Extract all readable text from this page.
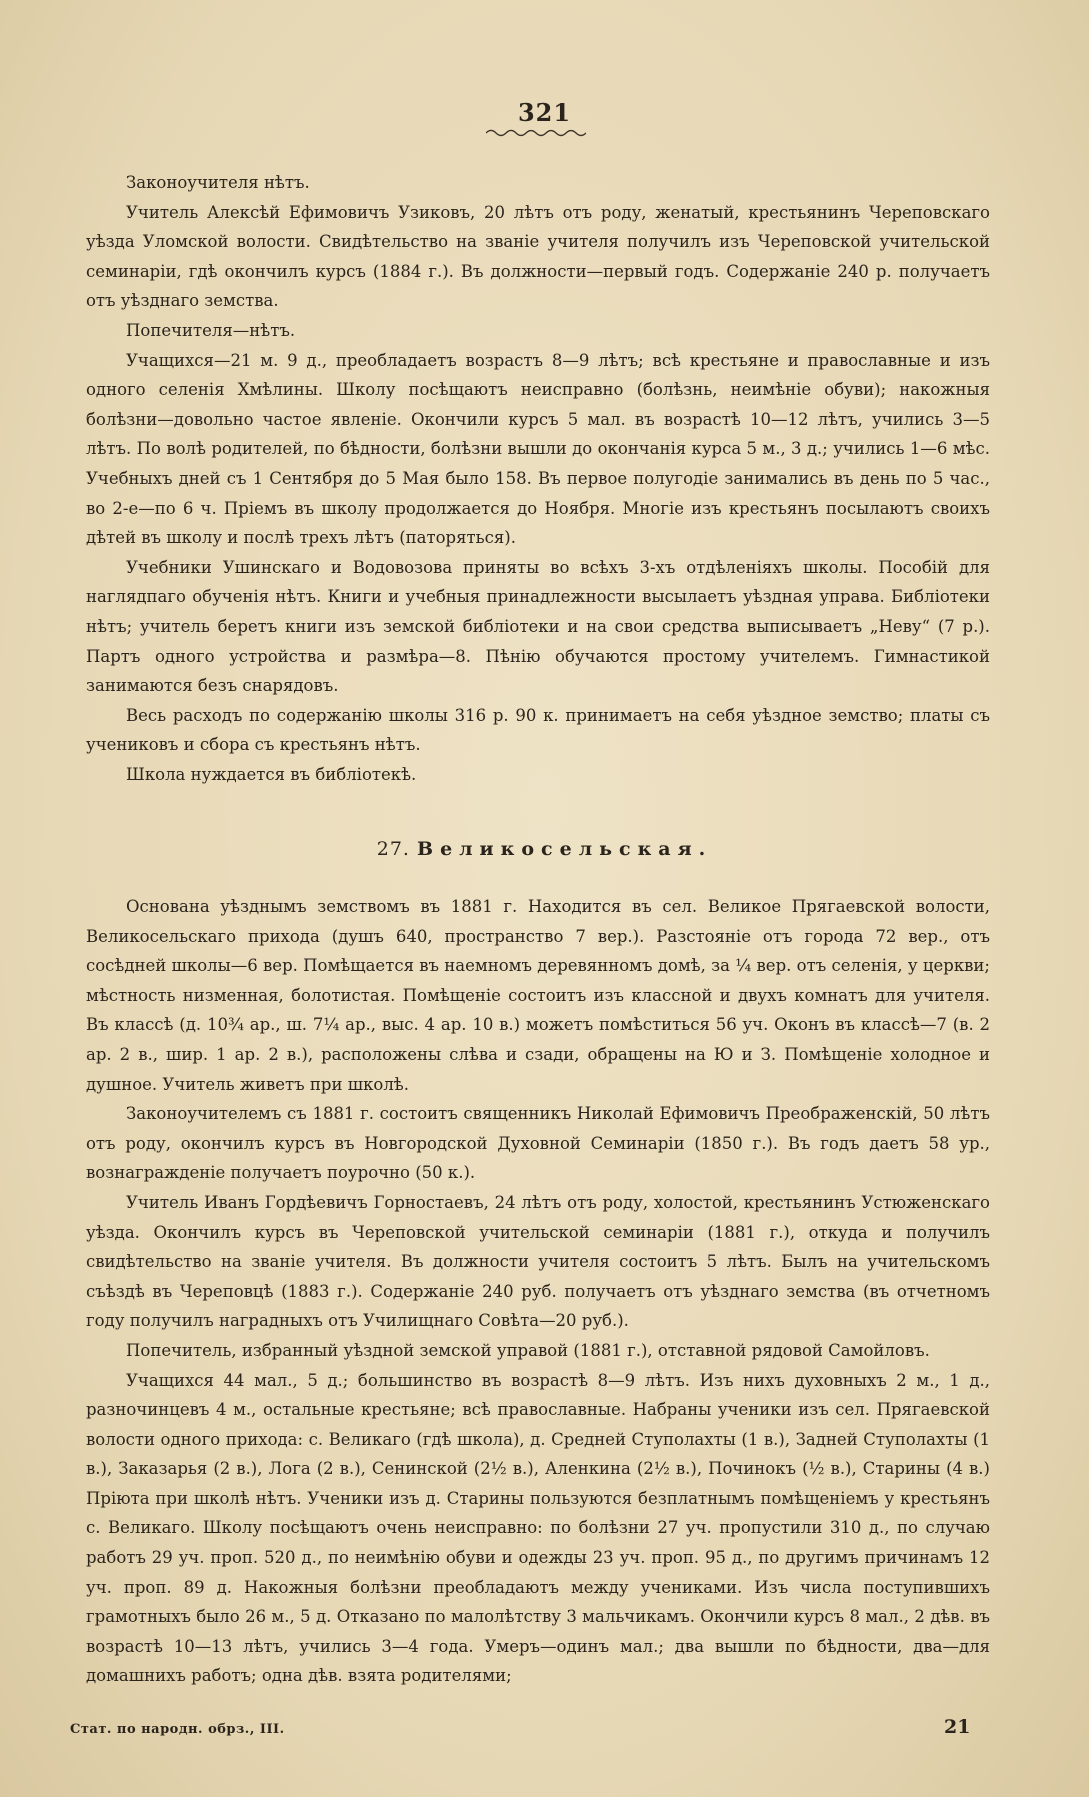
321

Законоучителя нѣтъ.

Учитель Алексѣй Ефимовичъ Узиковъ, 20 лѣтъ отъ роду, женатый, крестьянинъ Череповскаго уѣзда Уломской волости. Свидѣтельство на званіе учителя получилъ изъ Череповской учительской семинаріи, гдѣ окончилъ курсъ (1884 г.). Въ должности—первый годъ. Содержаніе 240 р. получаетъ отъ уѣзднаго земства.

Попечителя—нѣтъ.

Учащихся—21 м. 9 д., преобладаетъ возрастъ 8—9 лѣтъ; всѣ крестьяне и православные и изъ одного селенія Хмѣлины. Школу посѣщаютъ неисправно (болѣзнь, неимѣніе обуви); накожныя болѣзни—довольно частое явленіе. Окончили курсъ 5 мал. въ возрастѣ 10—12 лѣтъ, учились 3—5 лѣтъ. По волѣ родителей, по бѣдности, болѣзни вышли до окончанія курса 5 м., 3 д.; учились 1—6 мѣс. Учебныхъ дней съ 1 Сентября до 5 Мая было 158. Въ первое полугодіе занимались въ день по 5 час., во 2-е—по 6 ч. Пріемъ въ школу продолжается до Ноября. Многіе изъ крестьянъ посылаютъ своихъ дѣтей въ школу и послѣ трехъ лѣтъ (паторяться).

Учебники Ушинскаго и Водовозова приняты во всѣхъ 3-хъ отдѣленіяхъ школы. Пособій для наглядпаго обученія нѣтъ. Книги и учебныя принадлежности высылаетъ уѣздная управа. Библіотеки нѣтъ; учитель беретъ книги изъ земской библіотеки и на свои средства выписываетъ „Неву“ (7 р.). Партъ одного устройства и размѣра—8. Пѣнію обучаются простому учителемъ. Гимнастикой занимаются безъ снарядовъ.

Весь расходъ по содержанію школы 316 р. 90 к. принимаетъ на себя уѣздное земство; платы съ учениковъ и сбора съ крестьянъ нѣтъ.

Школа нуждается въ библіотекѣ.

27. Великосельская.

Основана уѣзднымъ земствомъ въ 1881 г. Находится въ сел. Великое Прягаевской волости, Великосельскаго прихода (душъ 640, пространство 7 вер.). Разстояніе отъ города 72 вер., отъ сосѣдней школы—6 вер. Помѣщается въ наемномъ деревянномъ домѣ, за ¼ вер. отъ селенія, у церкви; мѣстность низменная, болотистая. Помѣщеніе состоитъ изъ классной и двухъ комнатъ для учителя. Въ классѣ (д. 10¾ ар., ш. 7¼ ар., выс. 4 ар. 10 в.) можетъ помѣститься 56 уч. Оконъ въ классѣ—7 (в. 2 ар. 2 в., шир. 1 ар. 2 в.), расположены слѣва и сзади, обращены на Ю и З. Помѣщеніе холодное и душное. Учитель живетъ при школѣ.

Законоучителемъ съ 1881 г. состоитъ священникъ Николай Ефимовичъ Преображенскій, 50 лѣтъ отъ роду, окончилъ курсъ въ Новгородской Духовной Семинаріи (1850 г.). Въ годъ даетъ 58 ур., вознагражденіе получаетъ поурочно (50 к.).

Учитель Иванъ Гордѣевичъ Горностаевъ, 24 лѣтъ отъ роду, холостой, крестьянинъ Устюженскаго уѣзда. Окончилъ курсъ въ Череповской учительской семинаріи (1881 г.), откуда и получилъ свидѣтельство на званіе учителя. Въ должности учителя состоитъ 5 лѣтъ. Былъ на учительскомъ съѣздѣ въ Череповцѣ (1883 г.). Содержаніе 240 руб. получаетъ отъ уѣзднаго земства (въ отчетномъ году получилъ наградныхъ отъ Училищнаго Совѣта—20 руб.).

Попечитель, избранный уѣздной земской управой (1881 г.), отставной рядовой Самойловъ.

Учащихся 44 мал., 5 д.; большинство въ возрастѣ 8—9 лѣтъ. Изъ нихъ духовныхъ 2 м., 1 д., разночинцевъ 4 м., остальные крестьяне; всѣ православные. Набраны ученики изъ сел. Прягаевской волости одного прихода: с. Великаго (гдѣ школа), д. Средней Ступолахты (1 в.), Задней Ступолахты (1 в.), Заказарья (2 в.), Лога (2 в.), Сенинской (2½ в.), Аленкина (2½ в.), Починокъ (½ в.), Старины (4 в.) Пріюта при школѣ нѣтъ. Ученики изъ д. Старины пользуются безплатнымъ помѣщеніемъ у крестьянъ с. Великаго. Школу посѣщаютъ очень неисправно: по болѣзни 27 уч. пропустили 310 д., по случаю работъ 29 уч. проп. 520 д., по неимѣнію обуви и одежды 23 уч. проп. 95 д., по другимъ причинамъ 12 уч. проп. 89 д. Накожныя болѣзни преобладаютъ между учениками. Изъ числа поступившихъ грамотныхъ было 26 м., 5 д. Отказано по малолѣтству 3 мальчикамъ. Окончили курсъ 8 мал., 2 дѣв. въ возрастѣ 10—13 лѣтъ, учились 3—4 года. Умеръ—одинъ мал.; два вышли по бѣдности, два—для домашнихъ работъ; одна дѣв. взята родителями;

Стат. по народн. обрз., III.	21
